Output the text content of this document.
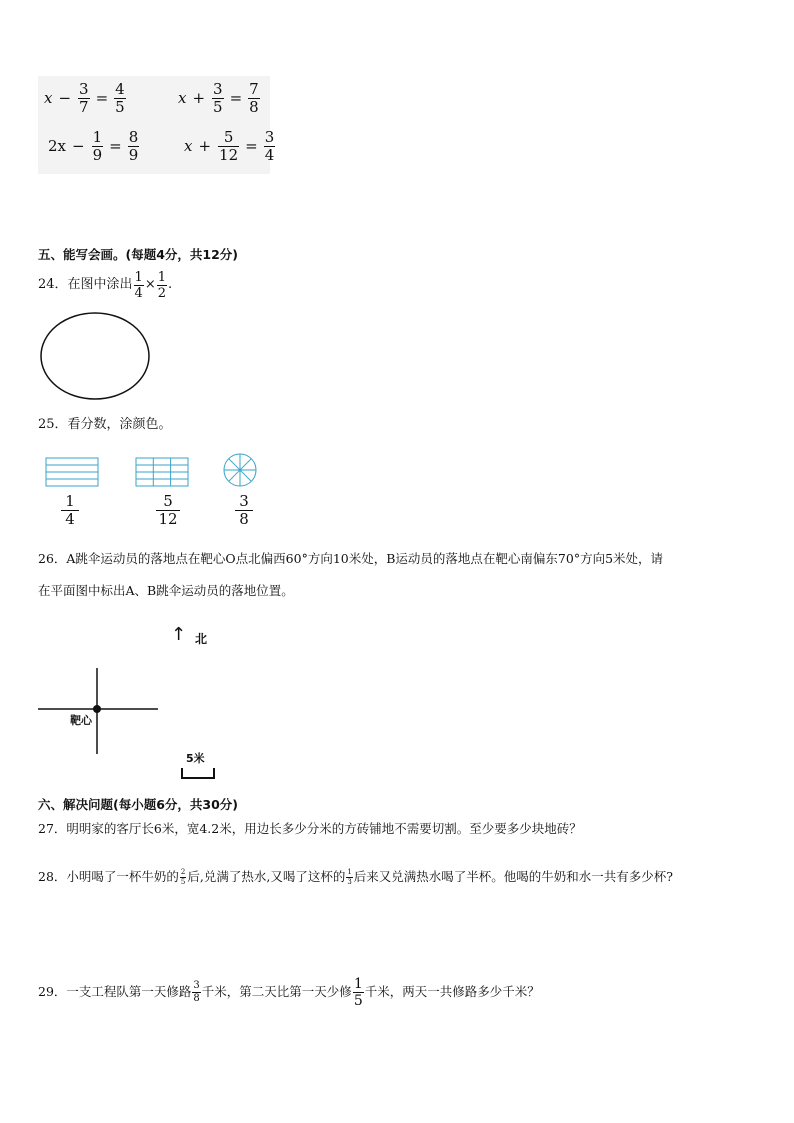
$x - \frac{3}{7} = \frac{4}{5}$	$x + \frac{3}{5} = \frac{7}{8}$
$2x - \frac{1}{9} = \frac{8}{9}$	$x + \frac{5}{12} = \frac{3}{4}$
五、能写会画。(每题4分，共12分)
24．在图中涂出 $\frac{1}{4} \times \frac{1}{2}$ .
25．看分数，涂颜色。
$\frac{1}{4}$	$\frac{5}{12}$	$\frac{3}{8}$
26．A跳伞运动员的落地点在靶心O点北偏西60°方向10米处，B运动员的落地点在靶心南偏东70°方向5米处，请
在平面图中标出A、B跳伞运动员的落地位置。
↑ 北
靶心
5米
六、解决问题(每小题6分，共30分)
27．明明家的客厅长6米，宽4.2米，用边长多少分米的方砖铺地不需要切割。至少要多少块地砖？
28．小明喝了一杯牛奶的 $\frac{2}{5}$ 后,兑满了热水,又喝了这杯的 $\frac{1}{3}$ 后来又兑满热水喝了半杯。他喝的牛奶和水一共有多少杯?
29．一支工程队第一天修路 $\frac{3}{8}$ 千米，第二天比第一天少修 $\frac{1}{5}$ 千米，两天一共修路多少千米？
